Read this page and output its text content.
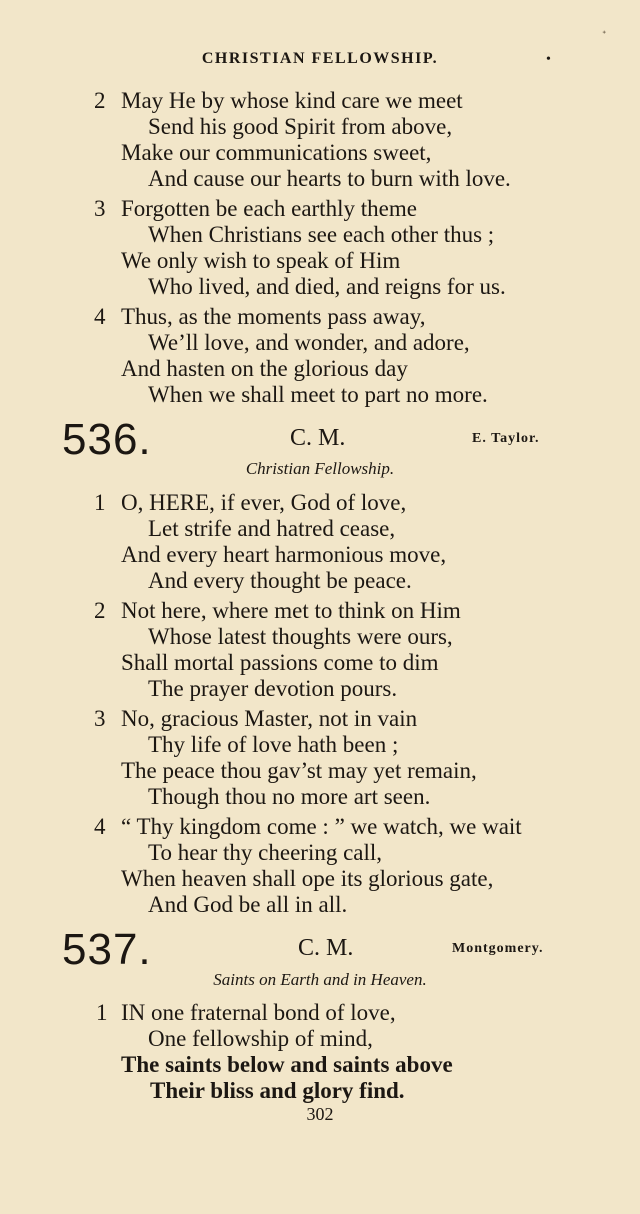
ᐩ
CHRISTIAN FELLOWSHIP.	•
2 May He by whose kind care we meet
Send his good Spirit from above,
Make our communications sweet,
And cause our hearts to burn with love.
3 Forgotten be each earthly theme
When Christians see each other thus ;
We only wish to speak of Him
Who lived, and died, and reigns for us.
4 Thus, as the moments pass away,
We’ll love, and wonder, and adore,
And hasten on the glorious day
When we shall meet to part no more.
536.	C. M.	E. Taylor.
Christian Fellowship.
1 O, HERE, if ever, God of love,
Let strife and hatred cease,
And every heart harmonious move,
And every thought be peace.
2 Not here, where met to think on Him
Whose latest thoughts were ours,
Shall mortal passions come to dim
The prayer devotion pours.
3 No, gracious Master, not in vain
Thy life of love hath been ;
The peace thou gav’st may yet remain,
Though thou no more art seen.
4 “ Thy kingdom come : ” we watch, we wait
To hear thy cheering call,
When heaven shall ope its glorious gate,
And God be all in all.
537.	C. M.	Montgomery.
Saints on Earth and in Heaven.
1 IN one fraternal bond of love,
One fellowship of mind,
The saints below and saints above
Their bliss and glory find.
302
